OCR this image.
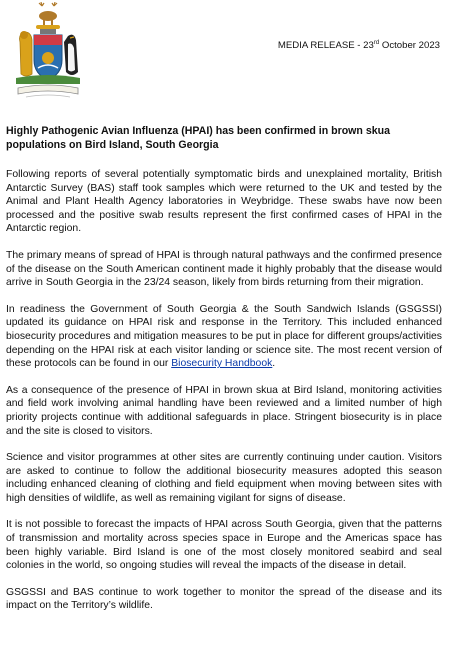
MEDIA RELEASE - 23rd October 2023
Highly Pathogenic Avian Influenza (HPAI) has been confirmed in brown skua populations on Bird Island, South Georgia

Following reports of several potentially symptomatic birds and unexplained mortality, British Antarctic Survey (BAS) staff took samples which were returned to the UK and tested by the Animal and Plant Health Agency laboratories in Weybridge. These swabs have now been processed and the positive swab results represent the first confirmed cases of HPAI in the Antarctic region.

The primary means of spread of HPAI is through natural pathways and the confirmed presence of the disease on the South American continent made it highly probably that the disease would arrive in South Georgia in the 23/24 season, likely from birds returning from their migration.

In readiness the Government of South Georgia & the South Sandwich Islands (GSGSSI) updated its guidance on HPAI risk and response in the Territory. This included enhanced biosecurity procedures and mitigation measures to be put in place for different groups/activities depending on the HPAI risk at each visitor landing or science site. The most recent version of these protocols can be found in our Biosecurity Handbook.

As a consequence of the presence of HPAI in brown skua at Bird Island, monitoring activities and field work involving animal handling have been reviewed and a limited number of high priority projects continue with additional safeguards in place. Stringent biosecurity is in place and the site is closed to visitors.

Science and visitor programmes at other sites are currently continuing under caution. Visitors are asked to continue to follow the additional biosecurity measures adopted this season including enhanced cleaning of clothing and field equipment when moving between sites with high densities of wildlife, as well as remaining vigilant for signs of disease.

It is not possible to forecast the impacts of HPAI across South Georgia, given that the patterns of transmission and mortality across species space in Europe and the Americas space has been highly variable. Bird Island is one of the most closely monitored seabird and seal colonies in the world, so ongoing studies will reveal the impacts of the disease in detail.

GSGSSI and BAS continue to work together to monitor the spread of the disease and its impact on the Territory’s wildlife.
